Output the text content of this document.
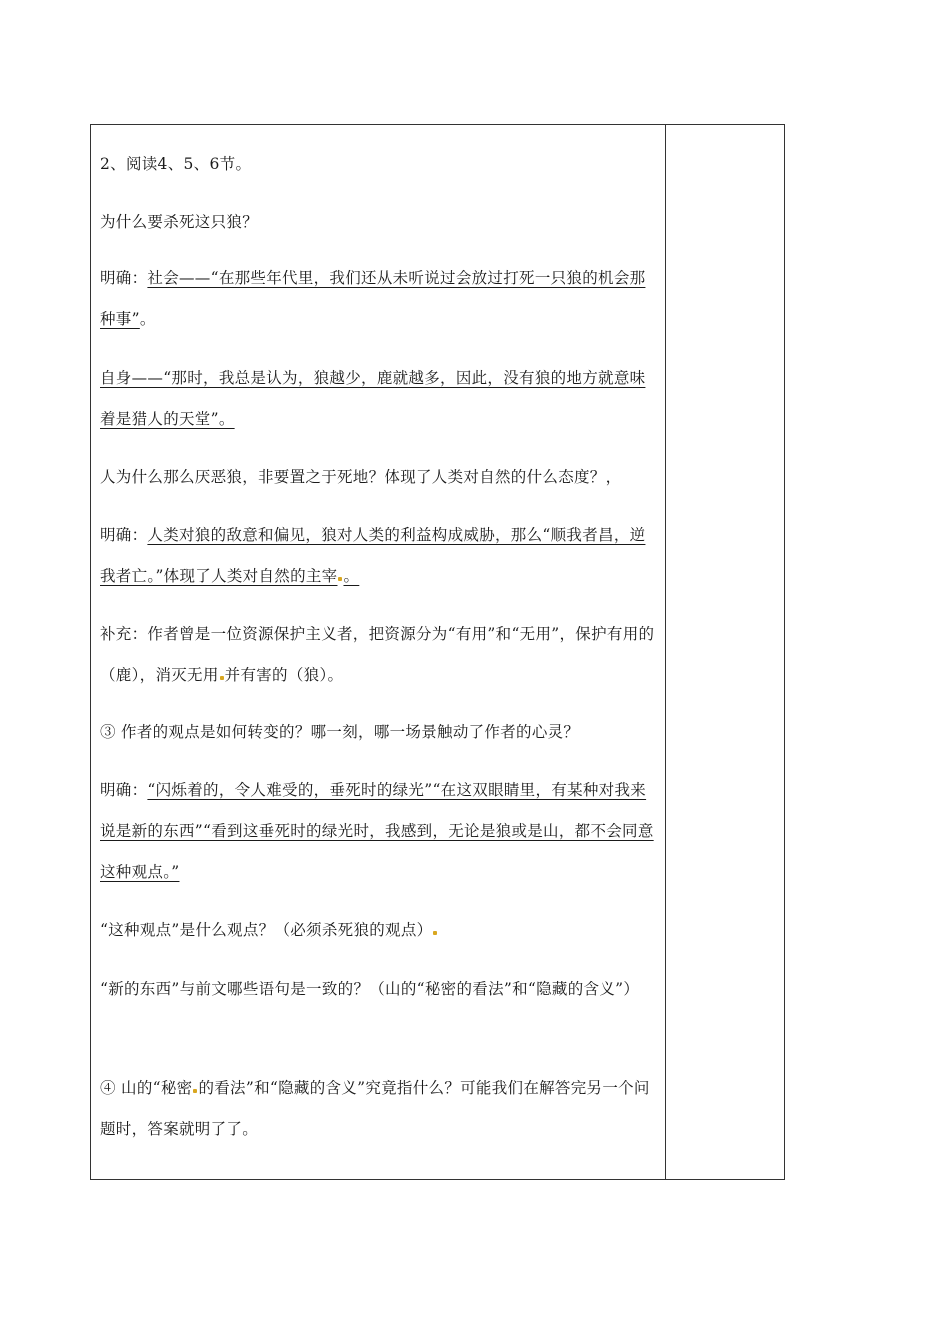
2、阅读4、5、6节。

为什么要杀死这只狼？

明确：社会——“在那些年代里，我们还从未听说过会放过打死一只狼的机会那种事”。

自身——“那时，我总是认为，狼越少，鹿就越多，因此，没有狼的地方就意味着是猎人的天堂”。

人为什么那么厌恶狼，非要置之于死地？体现了人类对自然的什么态度？，

明确：人类对狼的敌意和偏见，狼对人类的利益构成威胁，那么“顺我者昌，逆我者亡。”体现了人类对自然的主宰 。

补充：作者曾是一位资源保护主义者，把资源分为“有用”和“无用”，保护有用的（鹿），消灭无用 并有害的（狼）。

③ 作者的观点是如何转变的？哪一刻，哪一场景触动了作者的心灵？

明确：“闪烁着的，令人难受的，垂死时的绿光”“在这双眼睛里，有某种对我来说是新的东西”“看到这垂死时的绿光时，我感到，无论是狼或是山，都不会同意这种观点。”

“这种观点”是什么观点？（必须杀死狼的观点）

“新的东西”与前文哪些语句是一致的？（山的“秘密的看法”和“隐藏的含义”）

④ 山的“秘密 的看法”和“隐藏的含义”究竟指什么？可能我们在解答完另一个问题时，答案就明了了。
